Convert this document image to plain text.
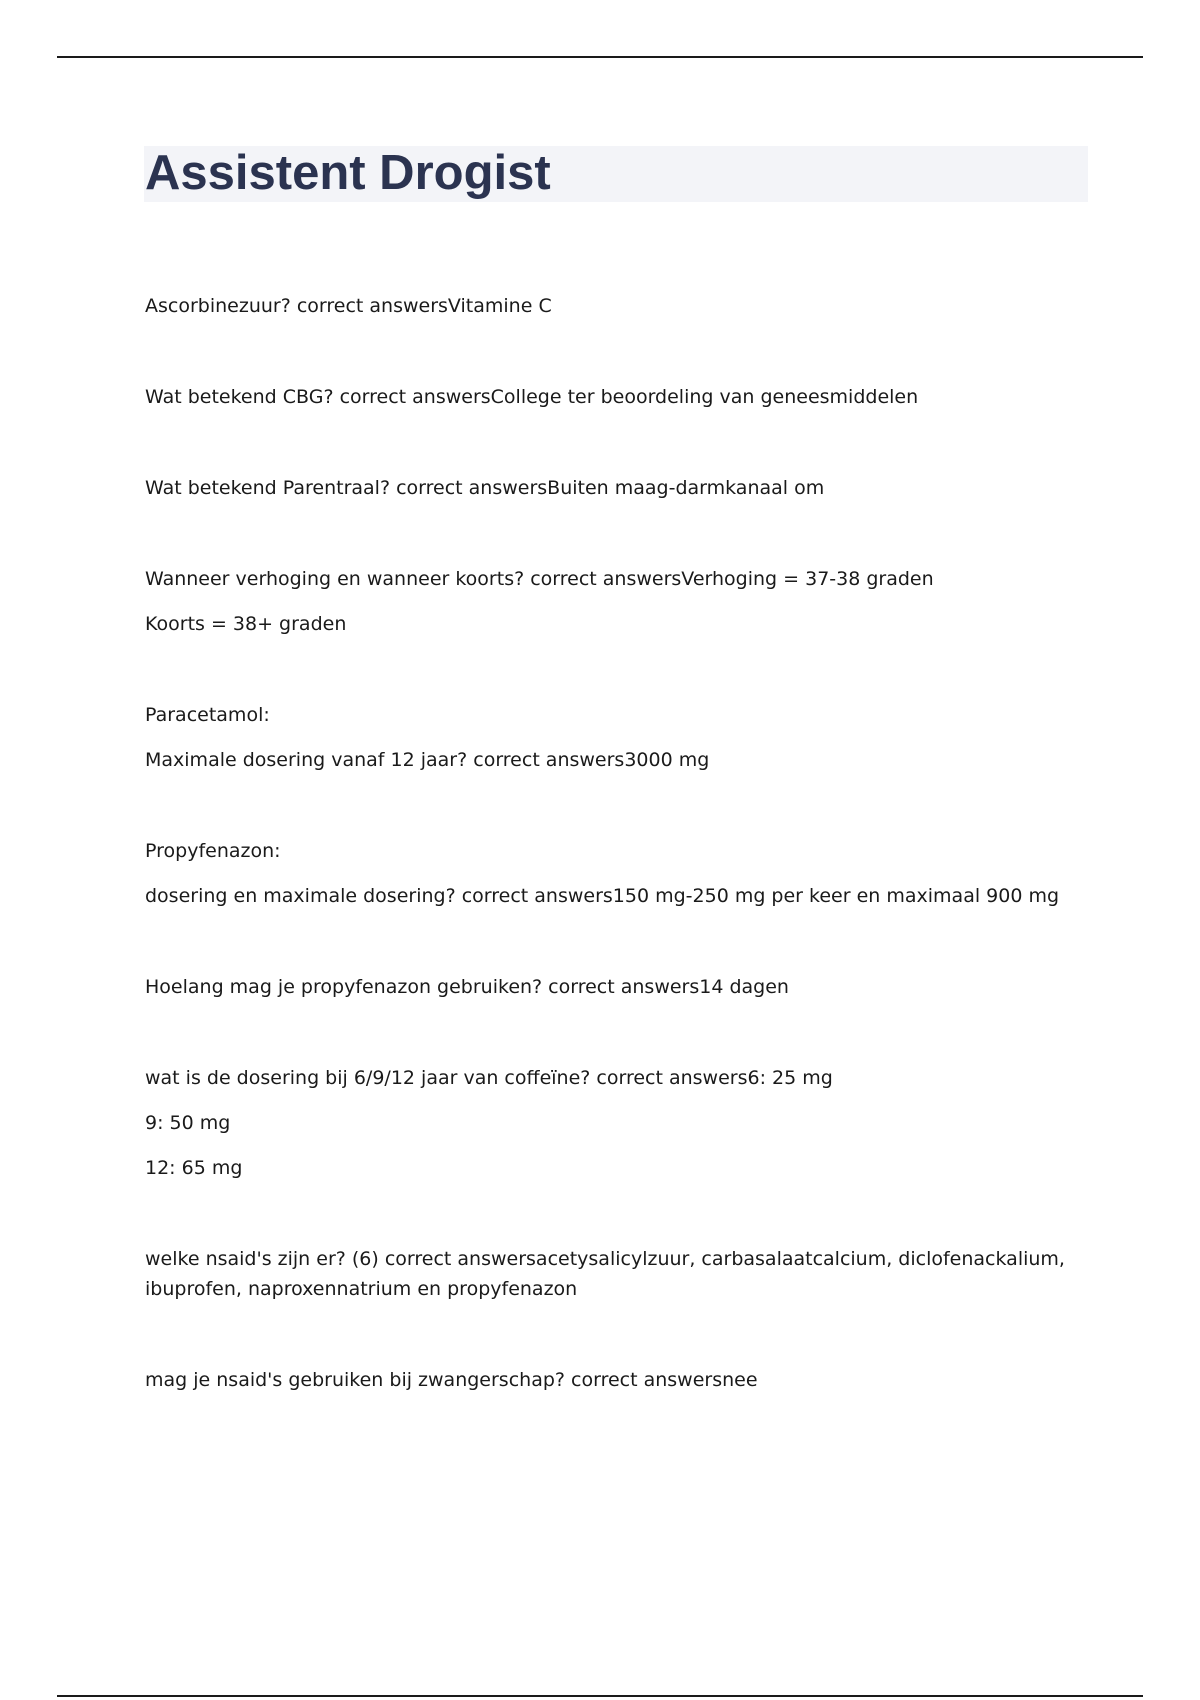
Assistent Drogist
Ascorbinezuur? correct answersVitamine C
Wat betekend CBG? correct answersCollege ter beoordeling van geneesmiddelen
Wat betekend Parentraal? correct answersBuiten maag-darmkanaal om
Wanneer verhoging en wanneer koorts? correct answersVerhoging = 37-38 graden
Koorts = 38+ graden
Paracetamol:
Maximale dosering vanaf 12 jaar? correct answers3000 mg
Propyfenazon:
dosering en maximale dosering? correct answers150 mg-250 mg per keer en maximaal 900 mg
Hoelang mag je propyfenazon gebruiken? correct answers14 dagen
wat is de dosering bij 6/9/12 jaar van coffeïne? correct answers6: 25 mg
9: 50 mg
12: 65 mg
welke nsaid's zijn er? (6) correct answersacetysalicylzuur, carbasalaatcalcium, diclofenackalium,
ibuprofen, naproxennatrium en propyfenazon
mag je nsaid's gebruiken bij zwangerschap? correct answersnee
